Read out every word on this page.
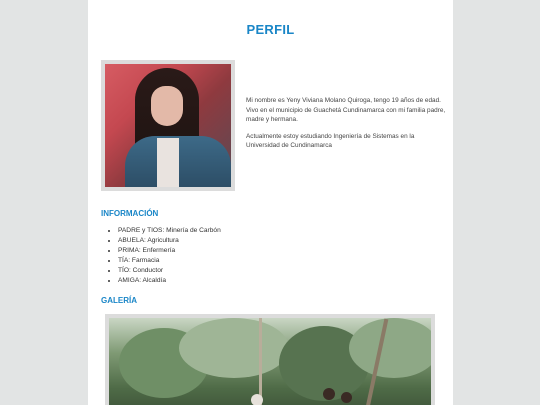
PERFIL

Mi nombre es Yeny Viviana Molano Quiroga, tengo 19 años de edad. Vivo en el municipio de Guachetá Cundinamarca con mi familia padre, madre y hermana.

Actualmente estoy estudiando Ingeniería de Sistemas en la Universidad de Cundinamarca

INFORMACIÓN
• PADRE y TIOS: Minería de Carbón
• ABUELA: Agricultura
• PRIMA: Enfermería
• TÍA: Farmacia
• TÍO: Conductor
• AMIGA: Alcaldía
GALERÍA
